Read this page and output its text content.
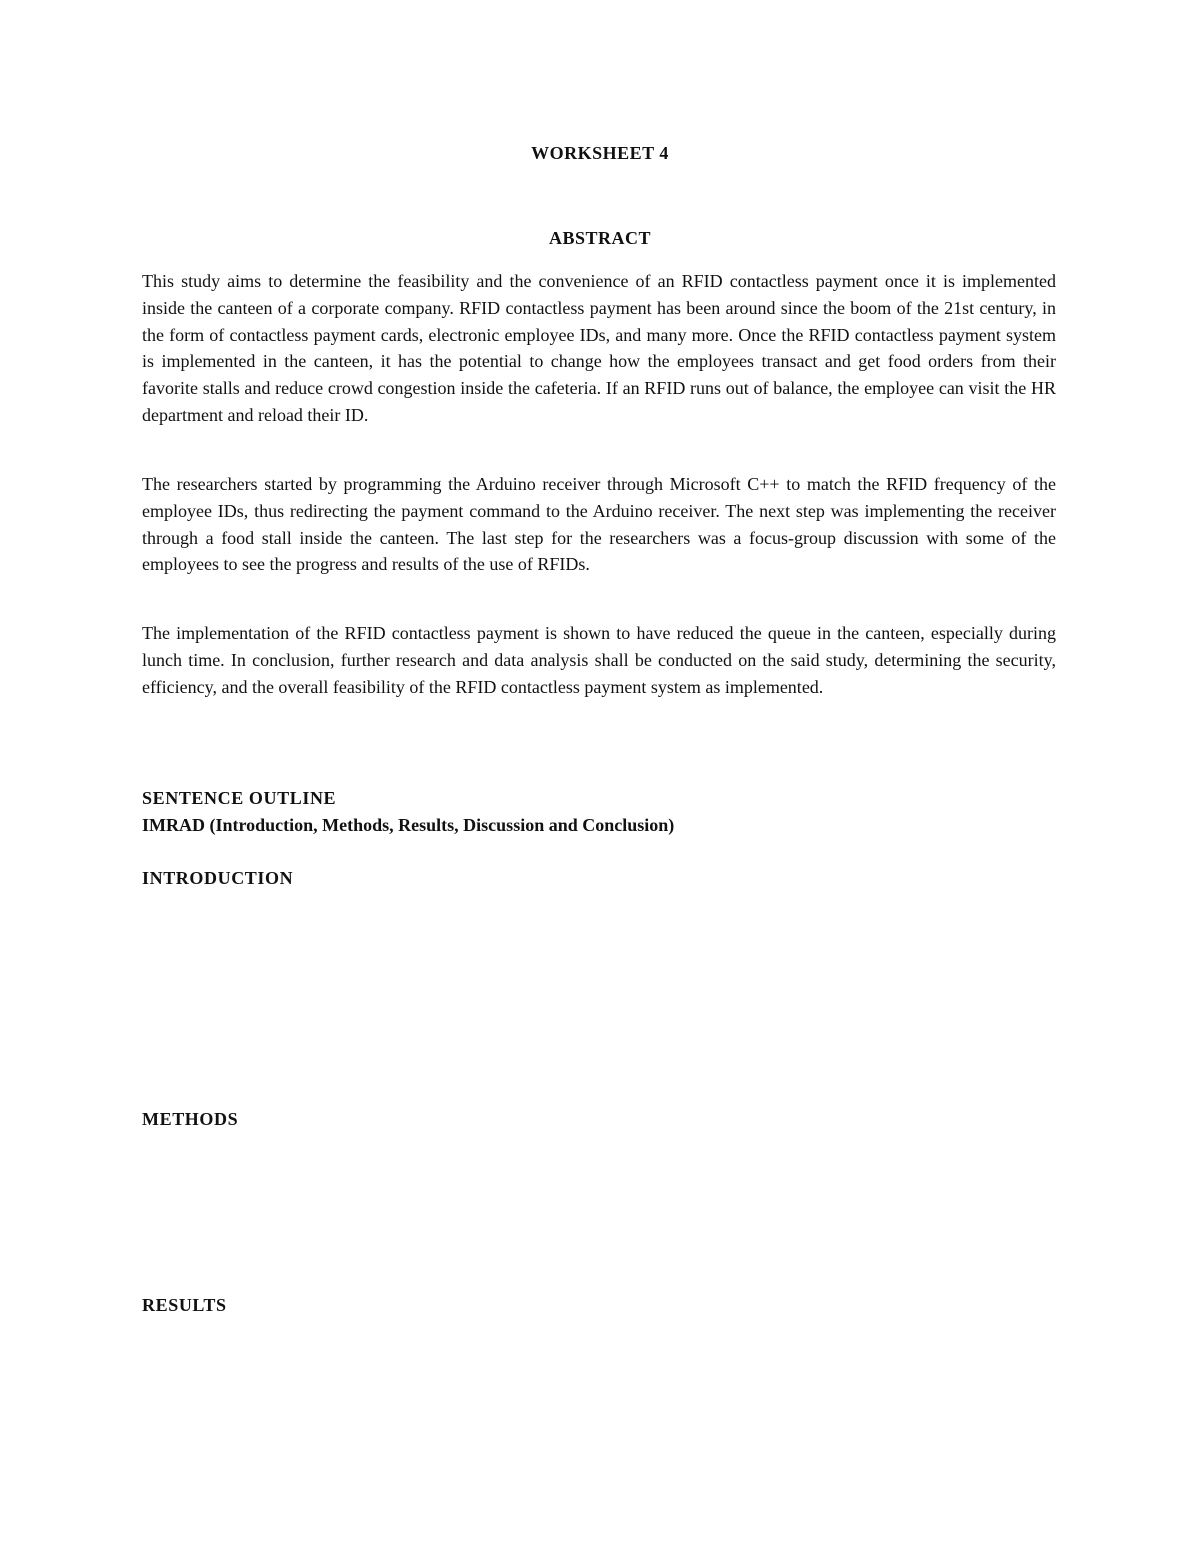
WORKSHEET 4
ABSTRACT

This study aims to determine the feasibility and the convenience of an RFID contactless payment once it is implemented inside the canteen of a corporate company. RFID contactless payment has been around since the boom of the 21st century, in the form of contactless payment cards, electronic employee IDs, and many more. Once the RFID contactless payment system is implemented in the canteen, it has the potential to change how the employees transact and get food orders from their favorite stalls and reduce crowd congestion inside the cafeteria. If an RFID runs out of balance, the employee can visit the HR department and reload their ID.

The researchers started by programming the Arduino receiver through Microsoft C++ to match the RFID frequency of the employee IDs, thus redirecting the payment command to the Arduino receiver. The next step was implementing the receiver through a food stall inside the canteen. The last step for the researchers was a focus-group discussion with some of the employees to see the progress and results of the use of RFIDs.

The implementation of the RFID contactless payment is shown to have reduced the queue in the canteen, especially during lunch time. In conclusion, further research and data analysis shall be conducted on the said study, determining the security, efficiency, and the overall feasibility of the RFID contactless payment system as implemented.

SENTENCE OUTLINE
IMRAD (Introduction, Methods, Results, Discussion and Conclusion)
INTRODUCTION
METHODS
RESULTS
